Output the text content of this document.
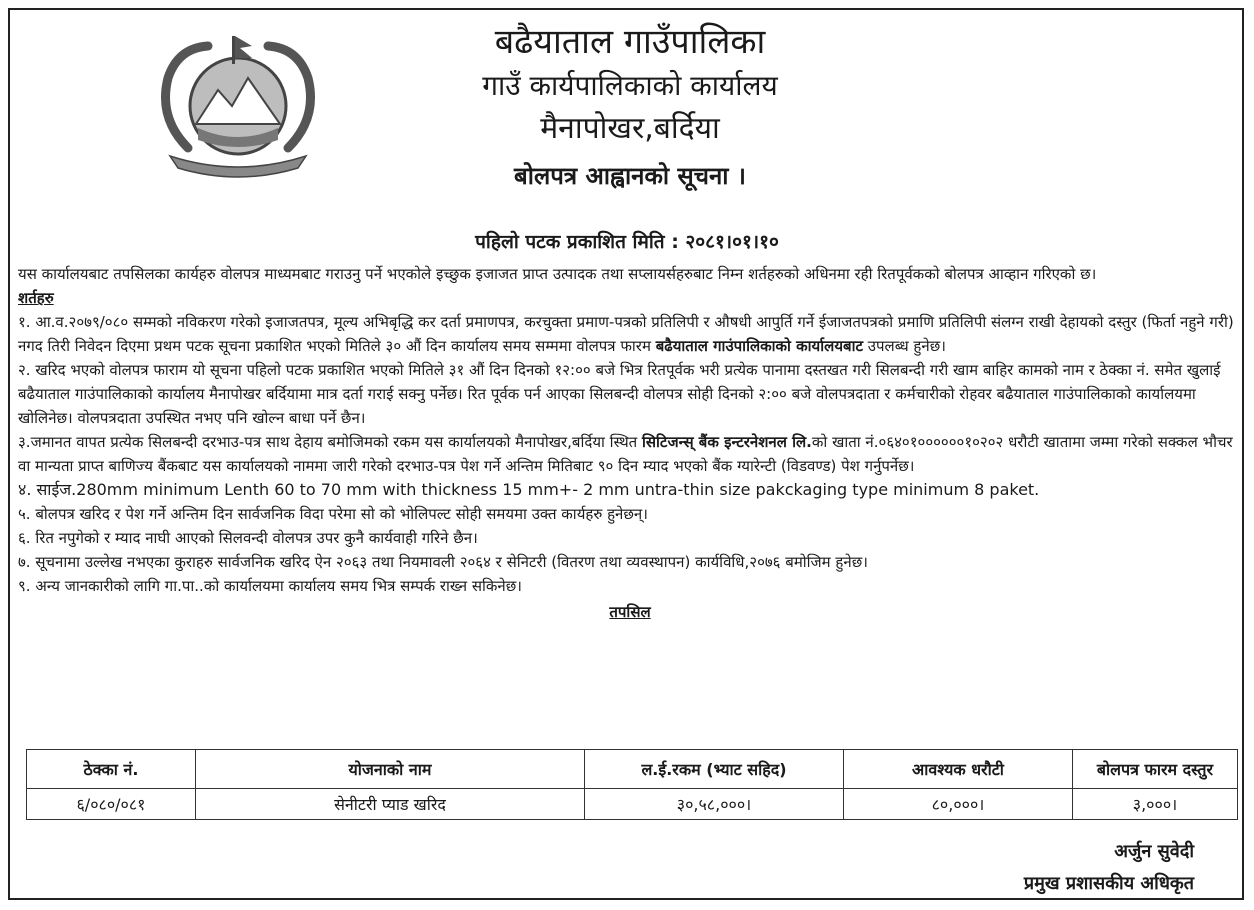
बढैयाताल गाउँपालिका
गाउँ कार्यपालिकाको कार्यालय
मैनापोखर,बर्दिया
बोलपत्र आह्वानको सूचना ।
पहिलो पटक प्रकाशित मिति : २०८१।०१।१०

यस कार्यालयबाट तपसिलका कार्यहरु वोलपत्र माध्यमबाट गराउनु पर्ने भएकोले इच्छुक इजाजत प्राप्त उत्पादक तथा सप्लायर्सहरुबाट निम्न शर्तहरुको अधिनमा रही रितपूर्वकको बोलपत्र आव्हान गरिएको छ।

शर्तहरु

१. आ.व.२०७९/०८० सम्मको नविकरण गरेको इजाजतपत्र, मूल्य अभिबृद्धि कर दर्ता प्रमाणपत्र, करचुक्ता प्रमाण-पत्रको प्रतिलिपी र औषधी आपुर्ति गर्ने ईजाजतपत्रको प्रमाणि प्रतिलिपी संलग्न राखी देहायको दस्तुर (फिर्ता नहुने गरी) नगद तिरी निवेदन दिएमा प्रथम पटक सूचना प्रकाशित भएको मितिले ३० औं दिन कार्यालय समय सम्ममा वोलपत्र फारम बढैयाताल गाउंपालिकाको कार्यालयबाट उपलब्ध हुनेछ।

२. खरिद भएको वोलपत्र फाराम यो सूचना पहिलो पटक प्रकाशित भएको मितिले ३१ औं दिन दिनको १२:०० बजे भित्र रितपूर्वक भरी प्रत्येक पानामा दस्तखत गरी सिलबन्दी गरी खाम बाहिर कामको नाम र ठेक्का नं. समेत खुलाई बढैयाताल गाउंपालिकाको कार्यालय मैनापोखर बर्दियामा मात्र दर्ता गराई सक्नु पर्नेछ। रित पूर्वक पर्न आएका सिलबन्दी वोलपत्र सोही दिनको २:०० बजे वोलपत्रदाता र कर्मचारीको रोहवर बढैयाताल गाउंपालिकाको कार्यालयमा खोलिनेछ। वोलपत्रदाता उपस्थित नभए पनि खोल्न बाधा पर्ने छैन।

३.जमानत वापत प्रत्येक सिलबन्दी दरभाउ-पत्र साथ देहाय बमोजिमको रकम यस कार्यालयको मैनापोखर,बर्दिया स्थित सिटिजन्स् बैंक इन्टरनेशनल लि.को खाता नं.०६४०१००००००१०२०२ धरौटी खातामा जम्मा गरेको सक्कल भौचर वा मान्यता प्राप्त बाणिज्य बैंकबाट यस कार्यालयको नाममा जारी गरेको दरभाउ-पत्र पेश गर्ने अन्तिम मितिबाट ९० दिन म्याद भएको बैंक ग्यारेन्टी (विडवण्ड) पेश गर्नुपर्नेछ।

४. साईज.280mm minimum Lenth 60 to 70 mm with thickness 15 mm+- 2 mm untra-thin size pakckaging type minimum 8 paket.

५. बोलपत्र खरिद र पेश गर्ने अन्तिम दिन सार्वजनिक विदा परेमा सो को भोलिपल्ट सोही समयमा उक्त कार्यहरु हुनेछन्।

६. रित नपुगेको र म्याद नाघी आएको सिलवन्दी वोलपत्र उपर कुनै कार्यवाही गरिने छैन।

७. सूचनामा उल्लेख नभएका कुराहरु सार्वजनिक खरिद ऐन २०६३ तथा नियमावली २०६४ र सेनिटरी (वितरण तथा व्यवस्थापन) कार्यविधि,२०७६ बमोजिम हुनेछ।

९. अन्य जानकारीको लागि गा.पा..को कार्यालयमा कार्यालय समय भित्र सम्पर्क राख्न सकिनेछ।

तपसिल
ठेक्का नं.	योजनाको नाम	ल.ई.रकम (भ्याट सहिद)	आवश्यक धरौटी	बोलपत्र फारम दस्तुर
६/०८०/०८१	सेनीटरी प्याड खरिद	३०,५८,०००।	८०,०००।	३,०००।
अर्जुन सुवेदी
प्रमुख प्रशासकीय अधिकृत
